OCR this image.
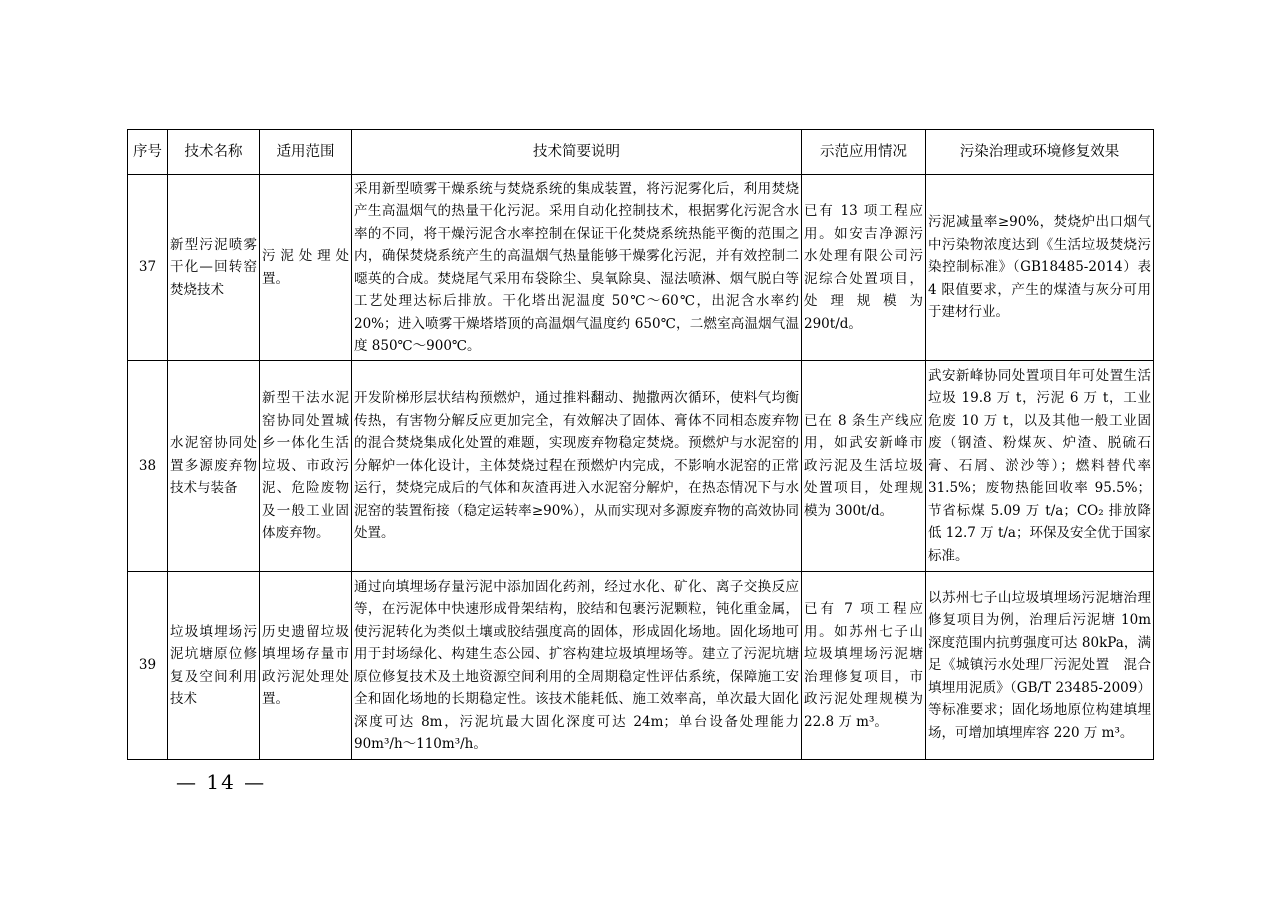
序号	技术名称	适用范围	技术简要说明	示范应用情况	污染治理或环境修复效果
37	新型污泥喷雾干化—回转窑焚烧技术	污泥处理处置。	采用新型喷雾干燥系统与焚烧系统的集成装置，将污泥雾化后，利用焚烧产生高温烟气的热量干化污泥。采用自动化控制技术，根据雾化污泥含水率的不同，将干燥污泥含水率控制在保证干化焚烧系统热能平衡的范围之内，确保焚烧系统产生的高温烟气热量能够干燥雾化污泥，并有效控制二噁英的合成。焚烧尾气采用布袋除尘、臭氧除臭、湿法喷淋、烟气脱白等工艺处理达标后排放。干化塔出泥温度 50℃～60℃，出泥含水率约 20%；进入喷雾干燥塔塔顶的高温烟气温度约 650℃，二燃室高温烟气温度 850℃～900℃。	已有 13 项工程应用。如安吉净源污水处理有限公司污泥综合处置项目，处理规模为290t/d。	污泥减量率≥90%，焚烧炉出口烟气中污染物浓度达到《生活垃圾焚烧污染控制标准》（GB18485-2014）表 4 限值要求，产生的煤渣与灰分可用于建材行业。
38	水泥窑协同处置多源废弃物技术与装备	新型干法水泥窑协同处置城乡一体化生活垃圾、市政污泥、危险废物及一般工业固体废弃物。	开发阶梯形层状结构预燃炉，通过推料翻动、抛撒两次循环，使料气均衡传热，有害物分解反应更加完全，有效解决了固体、膏体不同相态废弃物的混合焚烧集成化处置的难题，实现废弃物稳定焚烧。预燃炉与水泥窑的分解炉一体化设计，主体焚烧过程在预燃炉内完成，不影响水泥窑的正常运行，焚烧完成后的气体和灰渣再进入水泥窑分解炉，在热态情况下与水泥窑的装置衔接（稳定运转率≥90%），从而实现对多源废弃物的高效协同处置。	已在 8 条生产线应用，如武安新峰市政污泥及生活垃圾处置项目，处理规模为 300t/d。	武安新峰协同处置项目年可处置生活垃圾 19.8 万 t，污泥 6 万 t，工业危废 10 万 t，以及其他一般工业固废（钢渣、粉煤灰、炉渣、脱硫石膏、石屑、淤沙等）；燃料替代率 31.5%；废物热能回收率 95.5%；节省标煤 5.09 万 t/a；CO₂ 排放降低 12.7 万 t/a；环保及安全优于国家标准。
39	垃圾填埋场污泥坑塘原位修复及空间利用技术	历史遗留垃圾填埋场存量市政污泥处理处置。	通过向填埋场存量污泥中添加固化药剂，经过水化、矿化、离子交换反应等，在污泥体中快速形成骨架结构，胶结和包裹污泥颗粒，钝化重金属，使污泥转化为类似土壤或胶结强度高的固体，形成固化场地。固化场地可用于封场绿化、构建生态公园、扩容构建垃圾填埋场等。建立了污泥坑塘原位修复技术及土地资源空间利用的全周期稳定性评估系统，保障施工安全和固化场地的长期稳定性。该技术能耗低、施工效率高，单次最大固化深度可达 8m，污泥坑最大固化深度可达 24m；单台设备处理能力 90m³/h～110m³/h。	已有 7 项工程应用。如苏州七子山垃圾填埋场污泥塘治理修复项目，市政污泥处理规模为22.8 万 m³。	以苏州七子山垃圾填埋场污泥塘治理修复项目为例，治理后污泥塘 10m 深度范围内抗剪强度可达 80kPa，满足《城镇污水处理厂污泥处置　混合填埋用泥质》（GB/T 23485-2009）等标准要求；固化场地原位构建填埋场，可增加填埋库容 220 万 m³。
— 14 —
